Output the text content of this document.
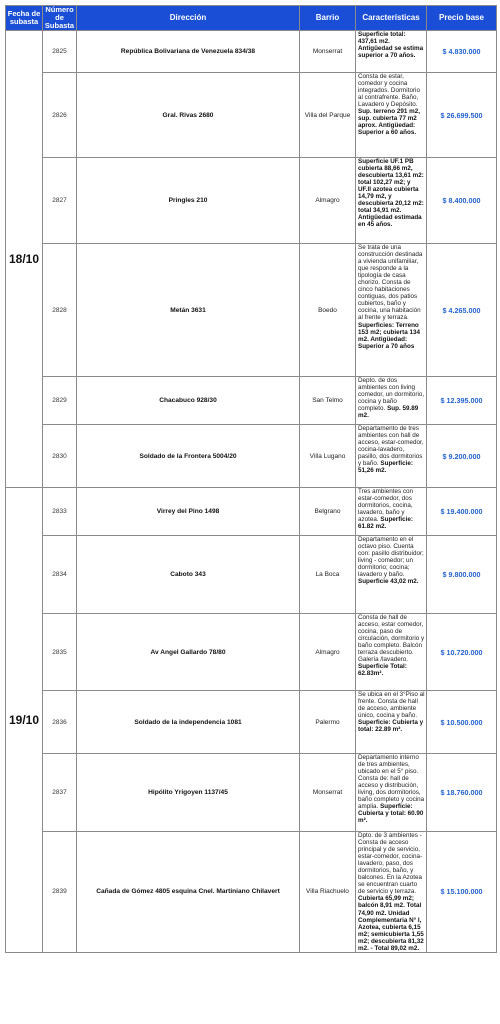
Fecha de subasta	Número de Subasta	Dirección	Barrio	Características	Precio base
18/10	2825	República Bolivariana de Venezuela 834/38	Monserrat	Superficie total: 437,61 m2. Antigüedad se estima superior a 70 años.	$ 4.830.000
	2826	Gral. Rivas 2680	Villa del Parque	Consta de estar, comedor y cocina integrados. Dormitorio al contrafrente. Baño, Lavadero y Depósito. Sup. terreno 291 m2, sup. cubierta 77 m2 aprox. Antigüedad: Superior a 60 años.	$ 26.699.500
	2827	Pringles 210	Almagro	Superficie UF.1 PB cubierta 88,66 m2, descubierta 13,61 m2: total 102,27 m2; y UF.II azotea cubierta 14,79 m2, y descubierta 20,12 m2: total 34,91 m2. Antigüedad estimada en 45 años.	$ 8.400.000
	2828	Metán 3631	Boedo	Se trata de una construcción destinada a vivienda unifamiliar, que responde a la tipología de casa chorizo. Consta de cinco habitaciones contiguas, dos patios cubiertos, baño y cocina, una habitación al frente y terraza. Superficies: Terreno 153 m2; cubierta 134 m2. Antigüedad: Superior a 70 años	$ 4.265.000
	2829	Chacabuco 928/30	San Telmo	Depto. de dos ambientes con living comedor, un dormitorio, cocina y baño completo. Sup. 59.89 m2.	$ 12.395.000
	2830	Soldado de la Frontera 5004/20	Villa Lugano	Departamento de tres ambientes con hall de acceso, estar-comedor, cocina-lavadero, pasillo, dos dormitorios y baño. Superficie: 51,26 m2.	$ 9.200.000
19/10	2833	Virrey del Pino 1498	Belgrano	Tres ambientes con estar-comedor, dos dormitorios, cocina, lavadero, baño y azotea. Superficie: 61.82 m2.	$ 19.400.000
	2834	Caboto 343	La Boca	Departamento en el octavo piso. Cuenta con: pasillo distribuidor; living - comedor; un dormitorio; cocina; lavadero y baño. Superficie 43,02 m2.	$ 9.800.000
	2835	Av Angel Gallardo 78/80	Almagro	Consta de hall de acceso, estar comedor, cocina, paso de circulación, dormitorio y baño completo. Balcón terraza descubierto. Galería /lavadero. Superficie Total: 62.83m².	$ 10.720.000
	2836	Soldado de la independencia 1081	Palermo	Se ubica en el 3°Piso al frente. Consta de hall de acceso, ambiente único, cocina y baño. Superficie: Cubierta y total: 22.89 m².	$ 10.500.000
	2837	Hipólito Yrigoyen 1137/45	Monserrat	Departamento interno de tres ambientes, ubicado en el 5° piso. Consta de: hall de acceso y distribución, living, dos dormitorios, baño completo y cocina amplia. Superficie: Cubierta y total: 60.90 m².	$ 18.760.000
	2839	Cañada de Gómez 4805 esquina Cnel. Martiniano Chilavert	Villa Riachuelo	Dpto. de 3 ambientes - Consta de acceso principal y de servicio, estar-comedor, cocina-lavadero, paso, dos dormitorios, baño, y balcones. En la Azotea se encuentran cuarto de servicio y terraza. Cubierta 65,99 m2; balcón 8,91 m2. Total 74,90 m2. Unidad Complementaria N° I, Azotea, cubierta 6,15 m2; semicubierta 1,55 m2; descubierta 81,32 m2. - Total 89,02 m2.	$ 15.100.000
